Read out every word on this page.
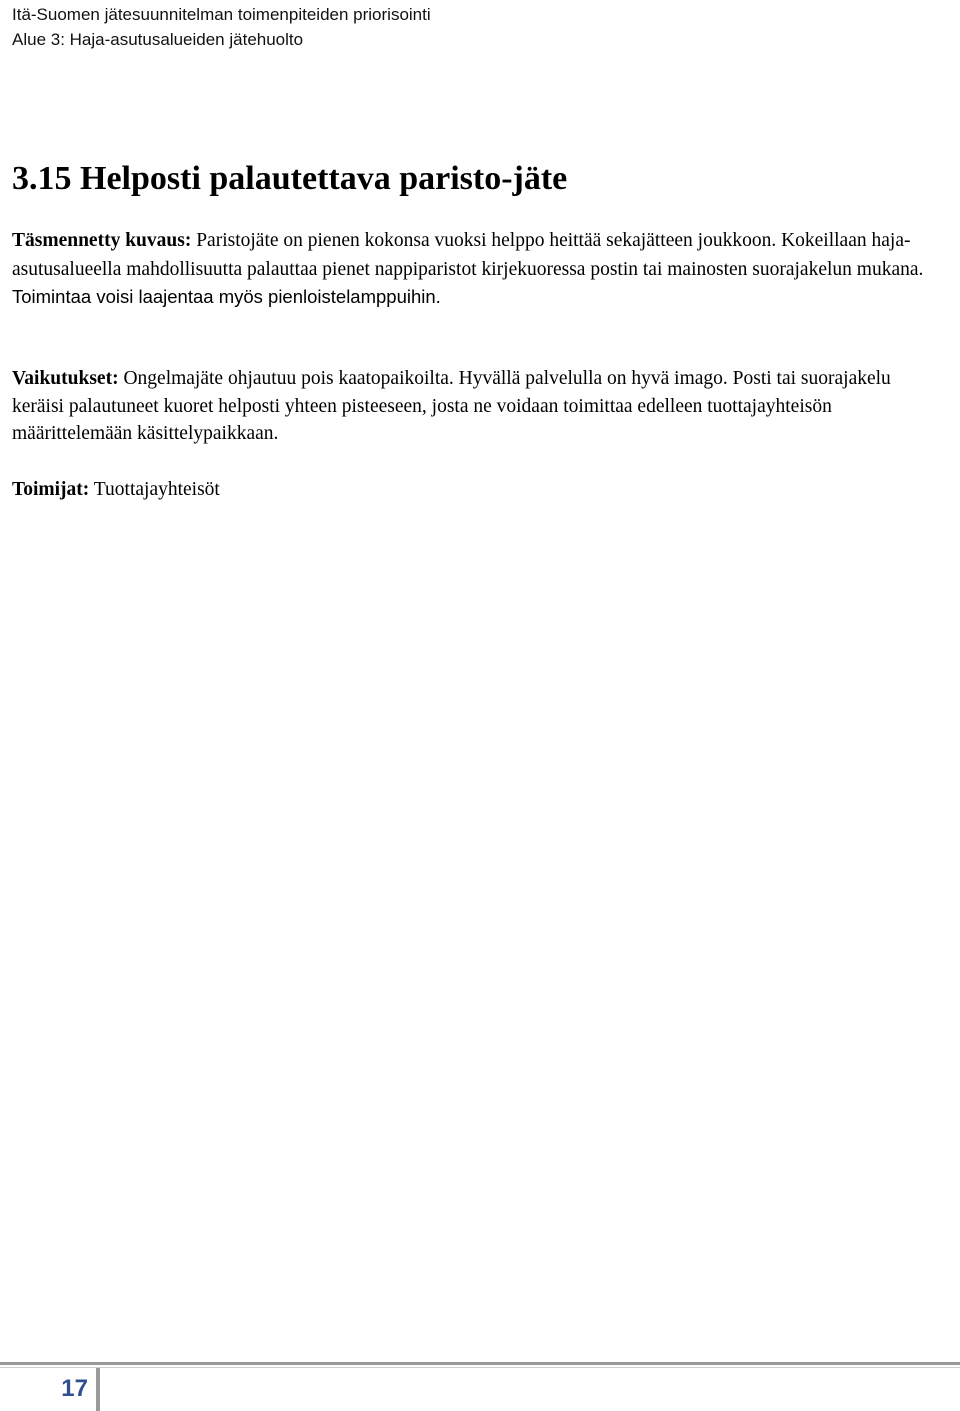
Itä-Suomen jätesuunnitelman toimenpiteiden priorisointi
Alue 3: Haja-asutusalueiden jätehuolto
3.15 Helposti palautettava paristo-jäte

Täsmennetty kuvaus: Paristojäte on pienen kokonsa vuoksi helppo heittää sekajätteen joukkoon. Kokeillaan haja-asutusalueella mahdollisuutta palauttaa pienet nappiparistot kirjekuoressa postin tai mainosten suorajakelun mukana. Toimintaa voisi laajentaa myös pienloistelamppuihin.

Vaikutukset: Ongelmajäte ohjautuu pois kaatopaikoilta. Hyvällä palvelulla on hyvä imago. Posti tai suorajakelu keräisi palautuneet kuoret helposti yhteen pisteeseen, josta ne voidaan toimittaa edelleen tuottajayhteisön määrittelemään käsittelypaikkaan.

Toimijat: Tuottajayhteisöt

17
